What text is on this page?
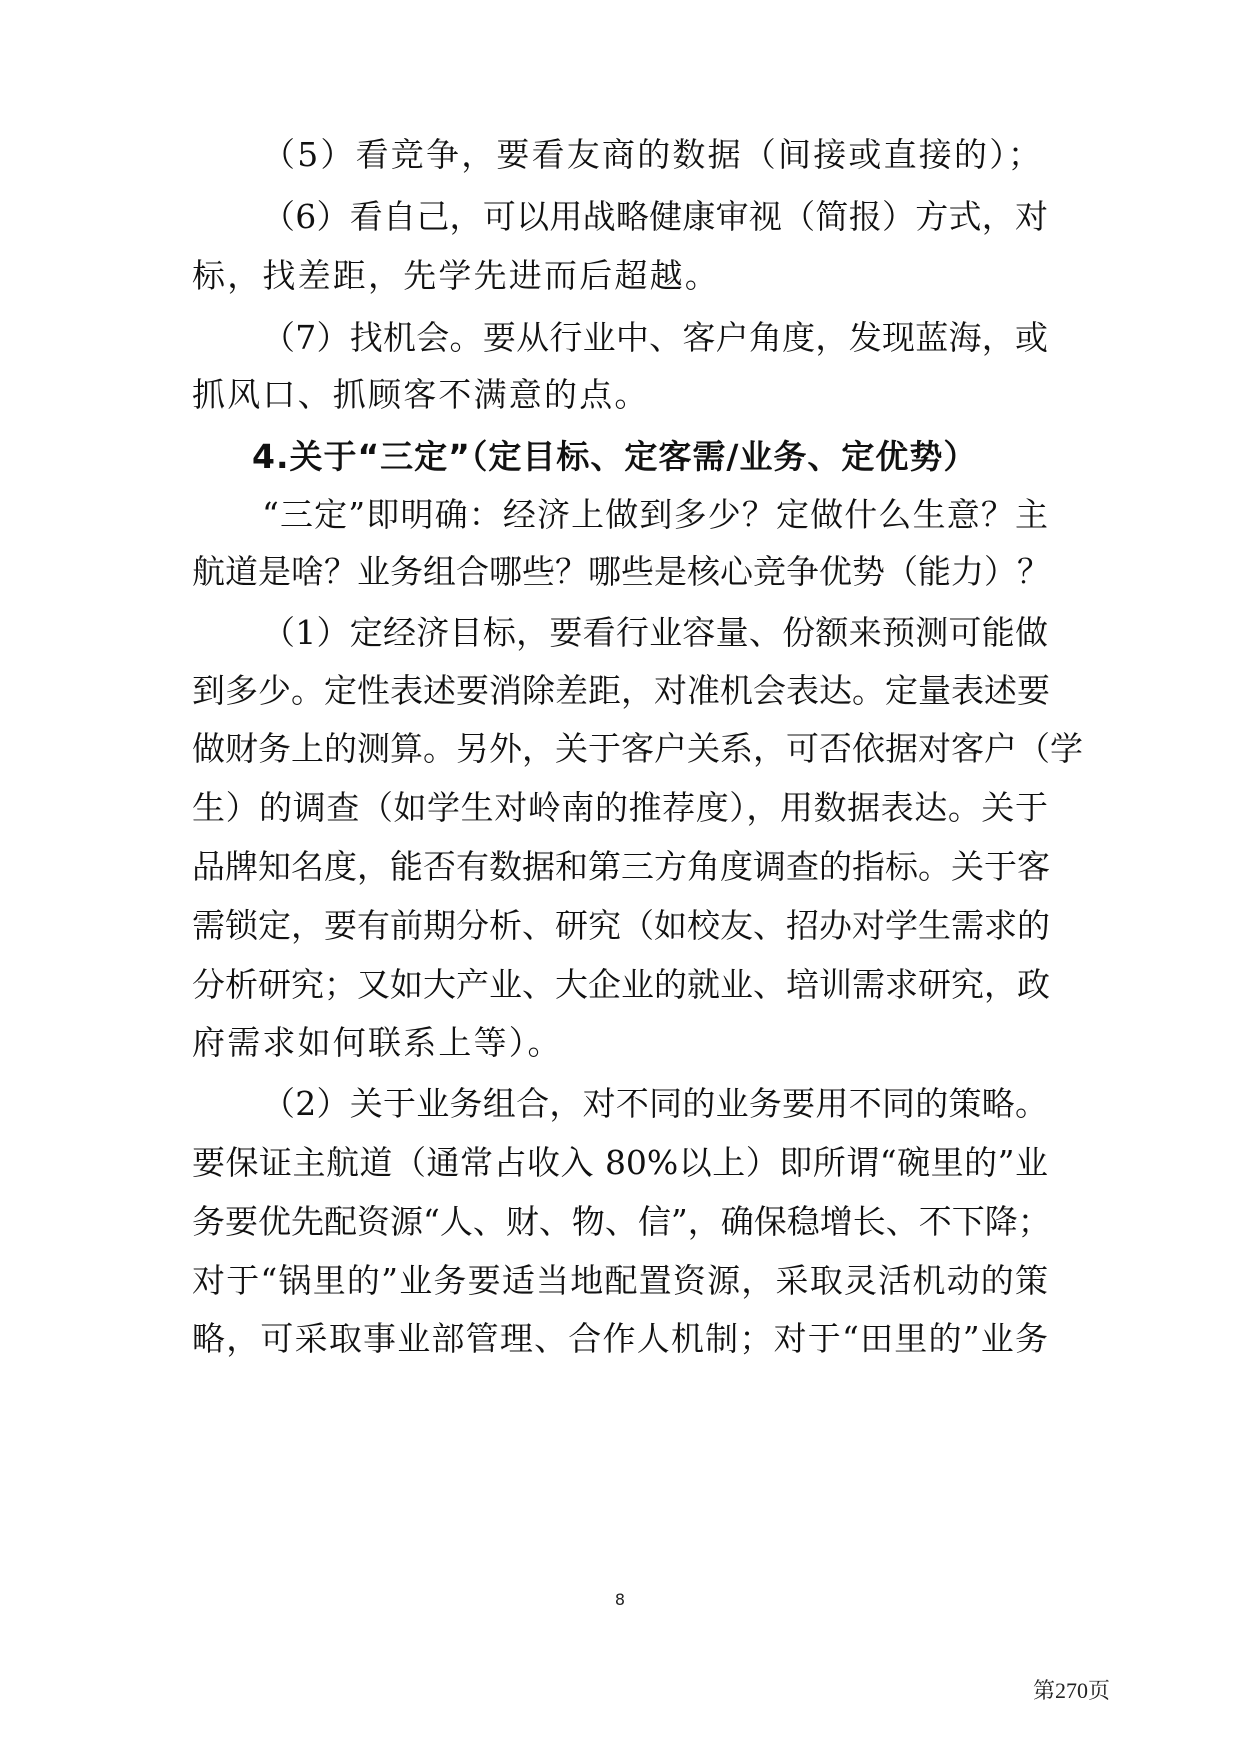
（5）看竞争，要看友商的数据（间接或直接的）；
（6）看自己，可以用战略健康审视（简报）方式，对
标，找差距，先学先进而后超越。
（7）找机会。要从行业中、客户角度，发现蓝海，或
抓风口、抓顾客不满意的点。
4.关于“三定”（定目标、定客需/业务、定优势）
“三定”即明确：经济上做到多少？定做什么生意？主
航道是啥？业务组合哪些？哪些是核心竞争优势（能力）？
（1）定经济目标，要看行业容量、份额来预测可能做
到多少。定性表述要消除差距，对准机会表达。定量表述要
做财务上的测算。另外，关于客户关系，可否依据对客户（学
生）的调查（如学生对岭南的推荐度），用数据表达。关于
品牌知名度，能否有数据和第三方角度调查的指标。关于客
需锁定，要有前期分析、研究（如校友、招办对学生需求的
分析研究；又如大产业、大企业的就业、培训需求研究，政
府需求如何联系上等）。
（2）关于业务组合，对不同的业务要用不同的策略。
要保证主航道（通常占收入 80%以上）即所谓“碗里的”业
务要优先配资源“人、财、物、信”，确保稳增长、不下降；
对于“锅里的”业务要适当地配置资源，采取灵活机动的策
略，可采取事业部管理、合作人机制；对于“田里的”业务
8
第270页
